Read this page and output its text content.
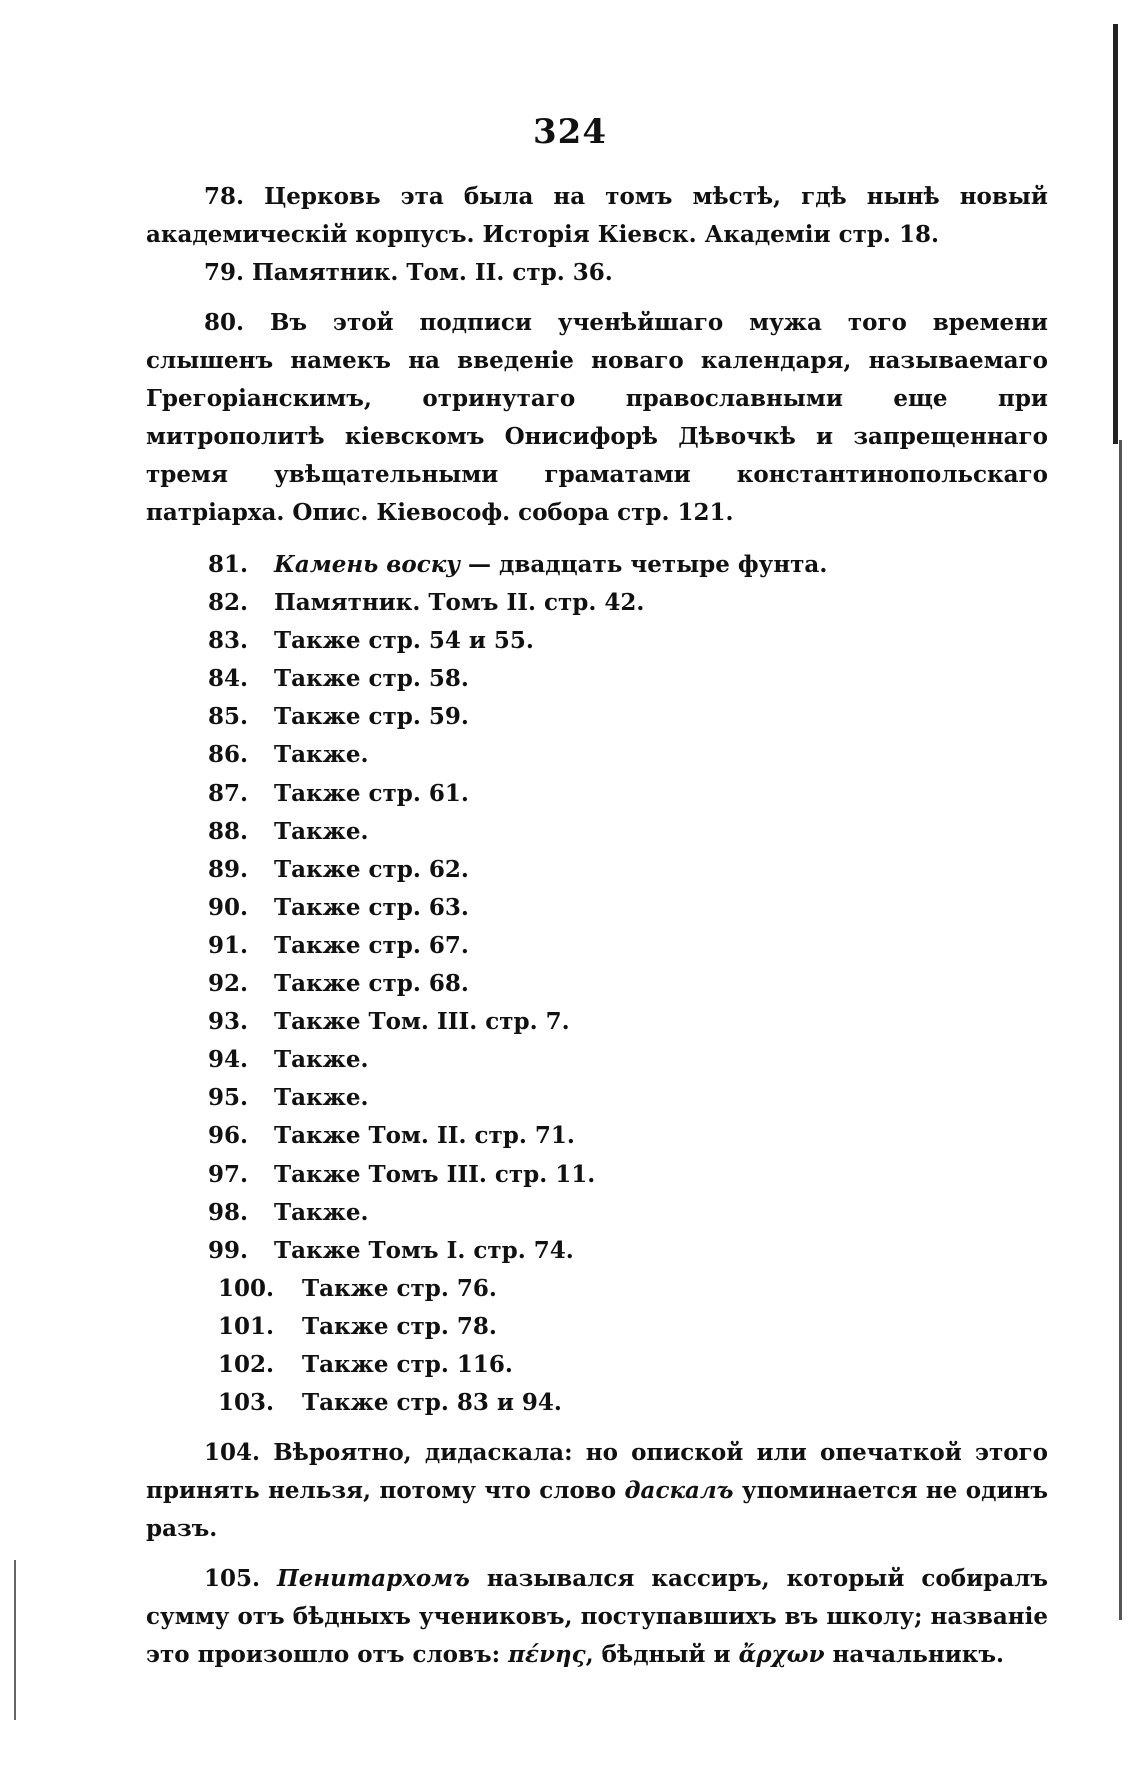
324

78. Церковь эта была на томъ мѣстѣ, гдѣ нынѣ новый академическій корпусъ. Исторія Кіевск. Академіи стр. 18.

79. Памятник. Том. II. стр. 36.

80. Въ этой подписи ученѣйшаго мужа того времени слышенъ намекъ на введеніе новаго календаря, называемаго Грегоріанскимъ, отринутаго православными еще при митрополитѣ кіевскомъ Онисифорѣ Дѣвочкѣ и запрещеннаго тремя увѣщательными граматами константинопольскаго патріарха. Опис. Кіевософ. собора стр. 121.

81. Камень воску — двадцать четыре фунта.
82. Памятник. Томъ II. стр. 42.
83. Также стр. 54 и 55.
84. Также стр. 58.
85. Также стр. 59.
86. Также.
87. Также стр. 61.
88. Также.
89. Также стр. 62.
90. Также стр. 63.
91. Также стр. 67.
92. Также стр. 68.
93. Также Том. III. стр. 7.
94. Также.
95. Также.
96. Также Том. II. стр. 71.
97. Также Томъ III. стр. 11.
98. Также.
99. Также Томъ I. стр. 74.
100. Также стр. 76.
101. Также стр. 78.
102. Также стр. 116.
103. Также стр. 83 и 94.

104. Вѣроятно, дидаскала: но опиской или опечаткой этого принять нельзя, потому что слово даскалъ упоминается не одинъ разъ.

105. Пенитархомъ назывался кассиръ, который собиралъ сумму отъ бѣдныхъ учениковъ, поступавшихъ въ школу; названіе это произошло отъ словъ: πένης, бѣдный и ἄρχων начальникъ.
